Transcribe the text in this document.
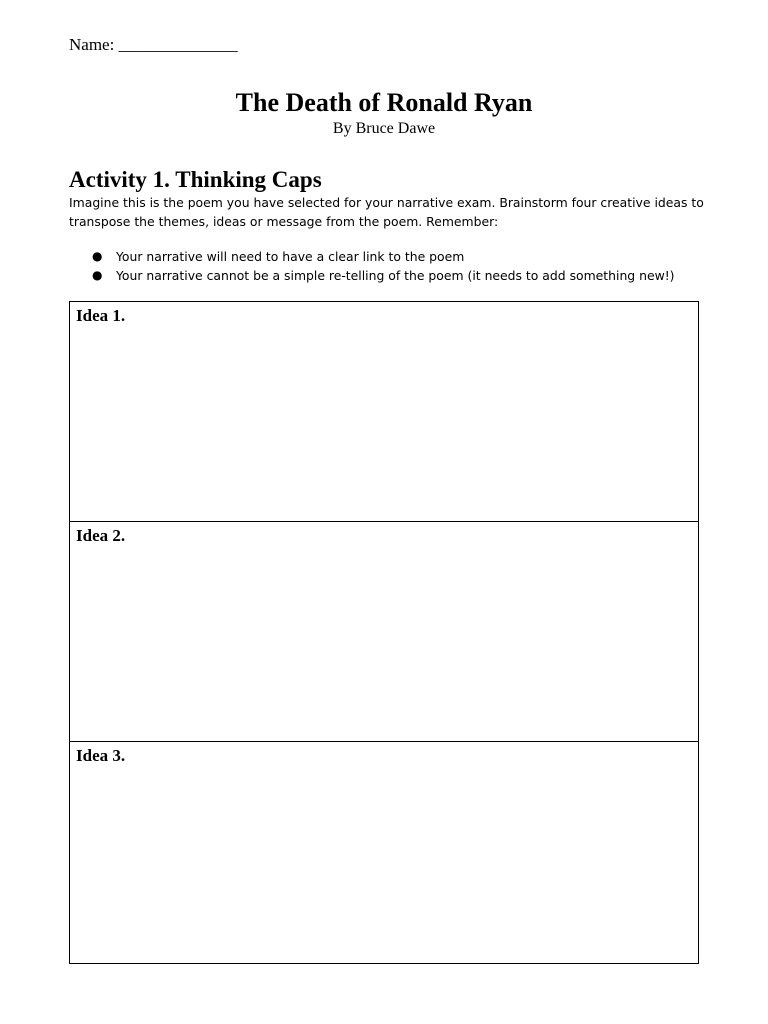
Name: ______________
The Death of Ronald Ryan
By Bruce Dawe
Activity 1. Thinking Caps
Imagine this is the poem you have selected for your narrative exam. Brainstorm four creative ideas to transpose the themes, ideas or message from the poem. Remember:
● Your narrative will need to have a clear link to the poem
● Your narrative cannot be a simple re-telling of the poem (it needs to add something new!)
Idea 1.
Idea 2.
Idea 3.
